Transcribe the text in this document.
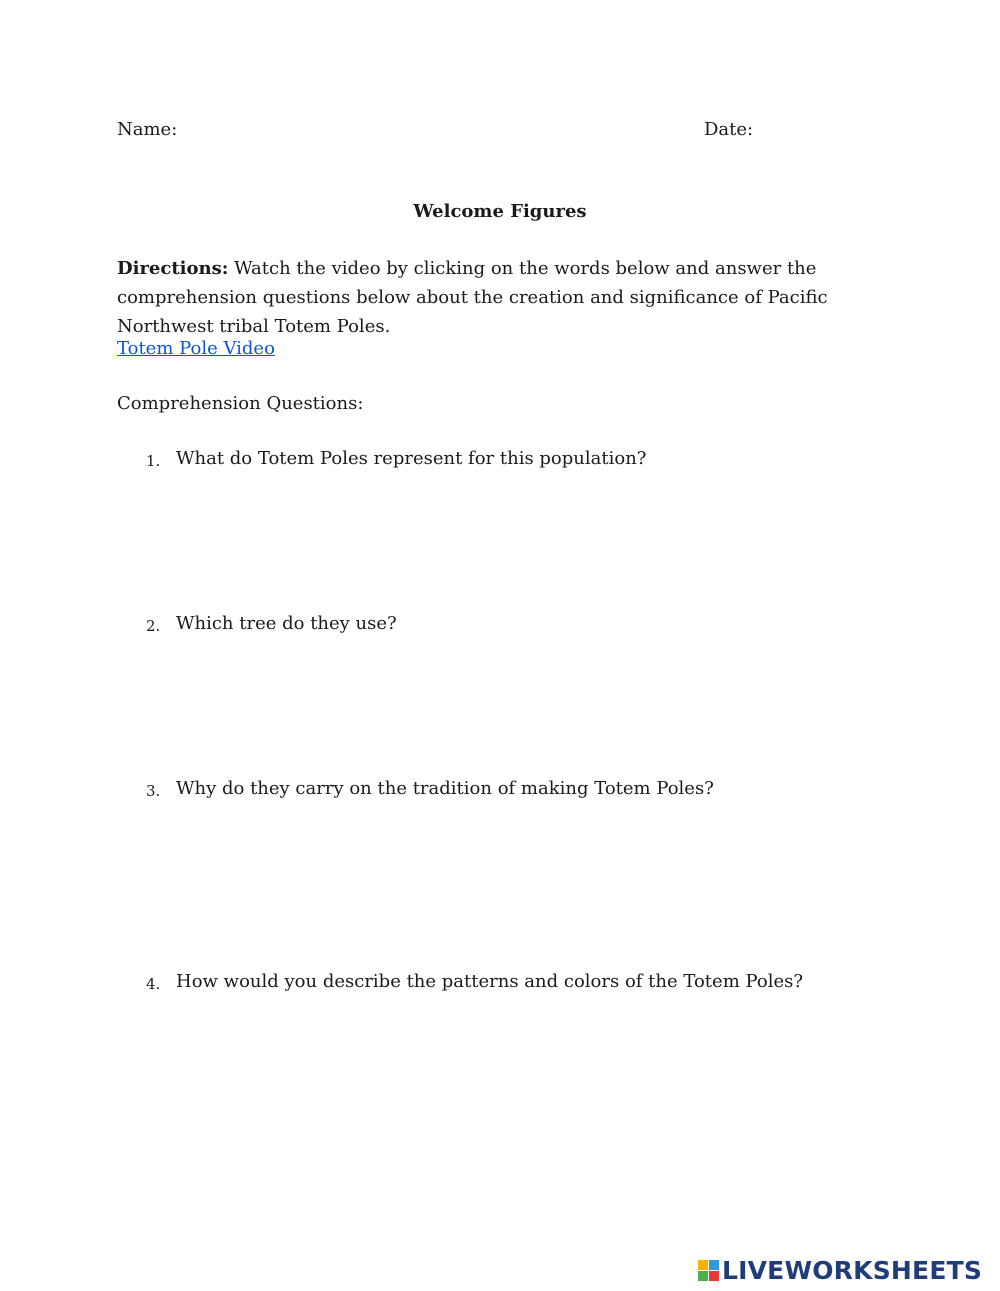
Name:	Date:
Welcome Figures
Directions: Watch the video by clicking on the words below and answer the comprehension questions below about the creation and significance of Pacific Northwest tribal Totem Poles.
Totem Pole Video
Comprehension Questions:
1. What do Totem Poles represent for this population?
2. Which tree do they use?
3. Why do they carry on the tradition of making Totem Poles?
4. How would you describe the patterns and colors of the Totem Poles?
LIVEWORKSHEETS
